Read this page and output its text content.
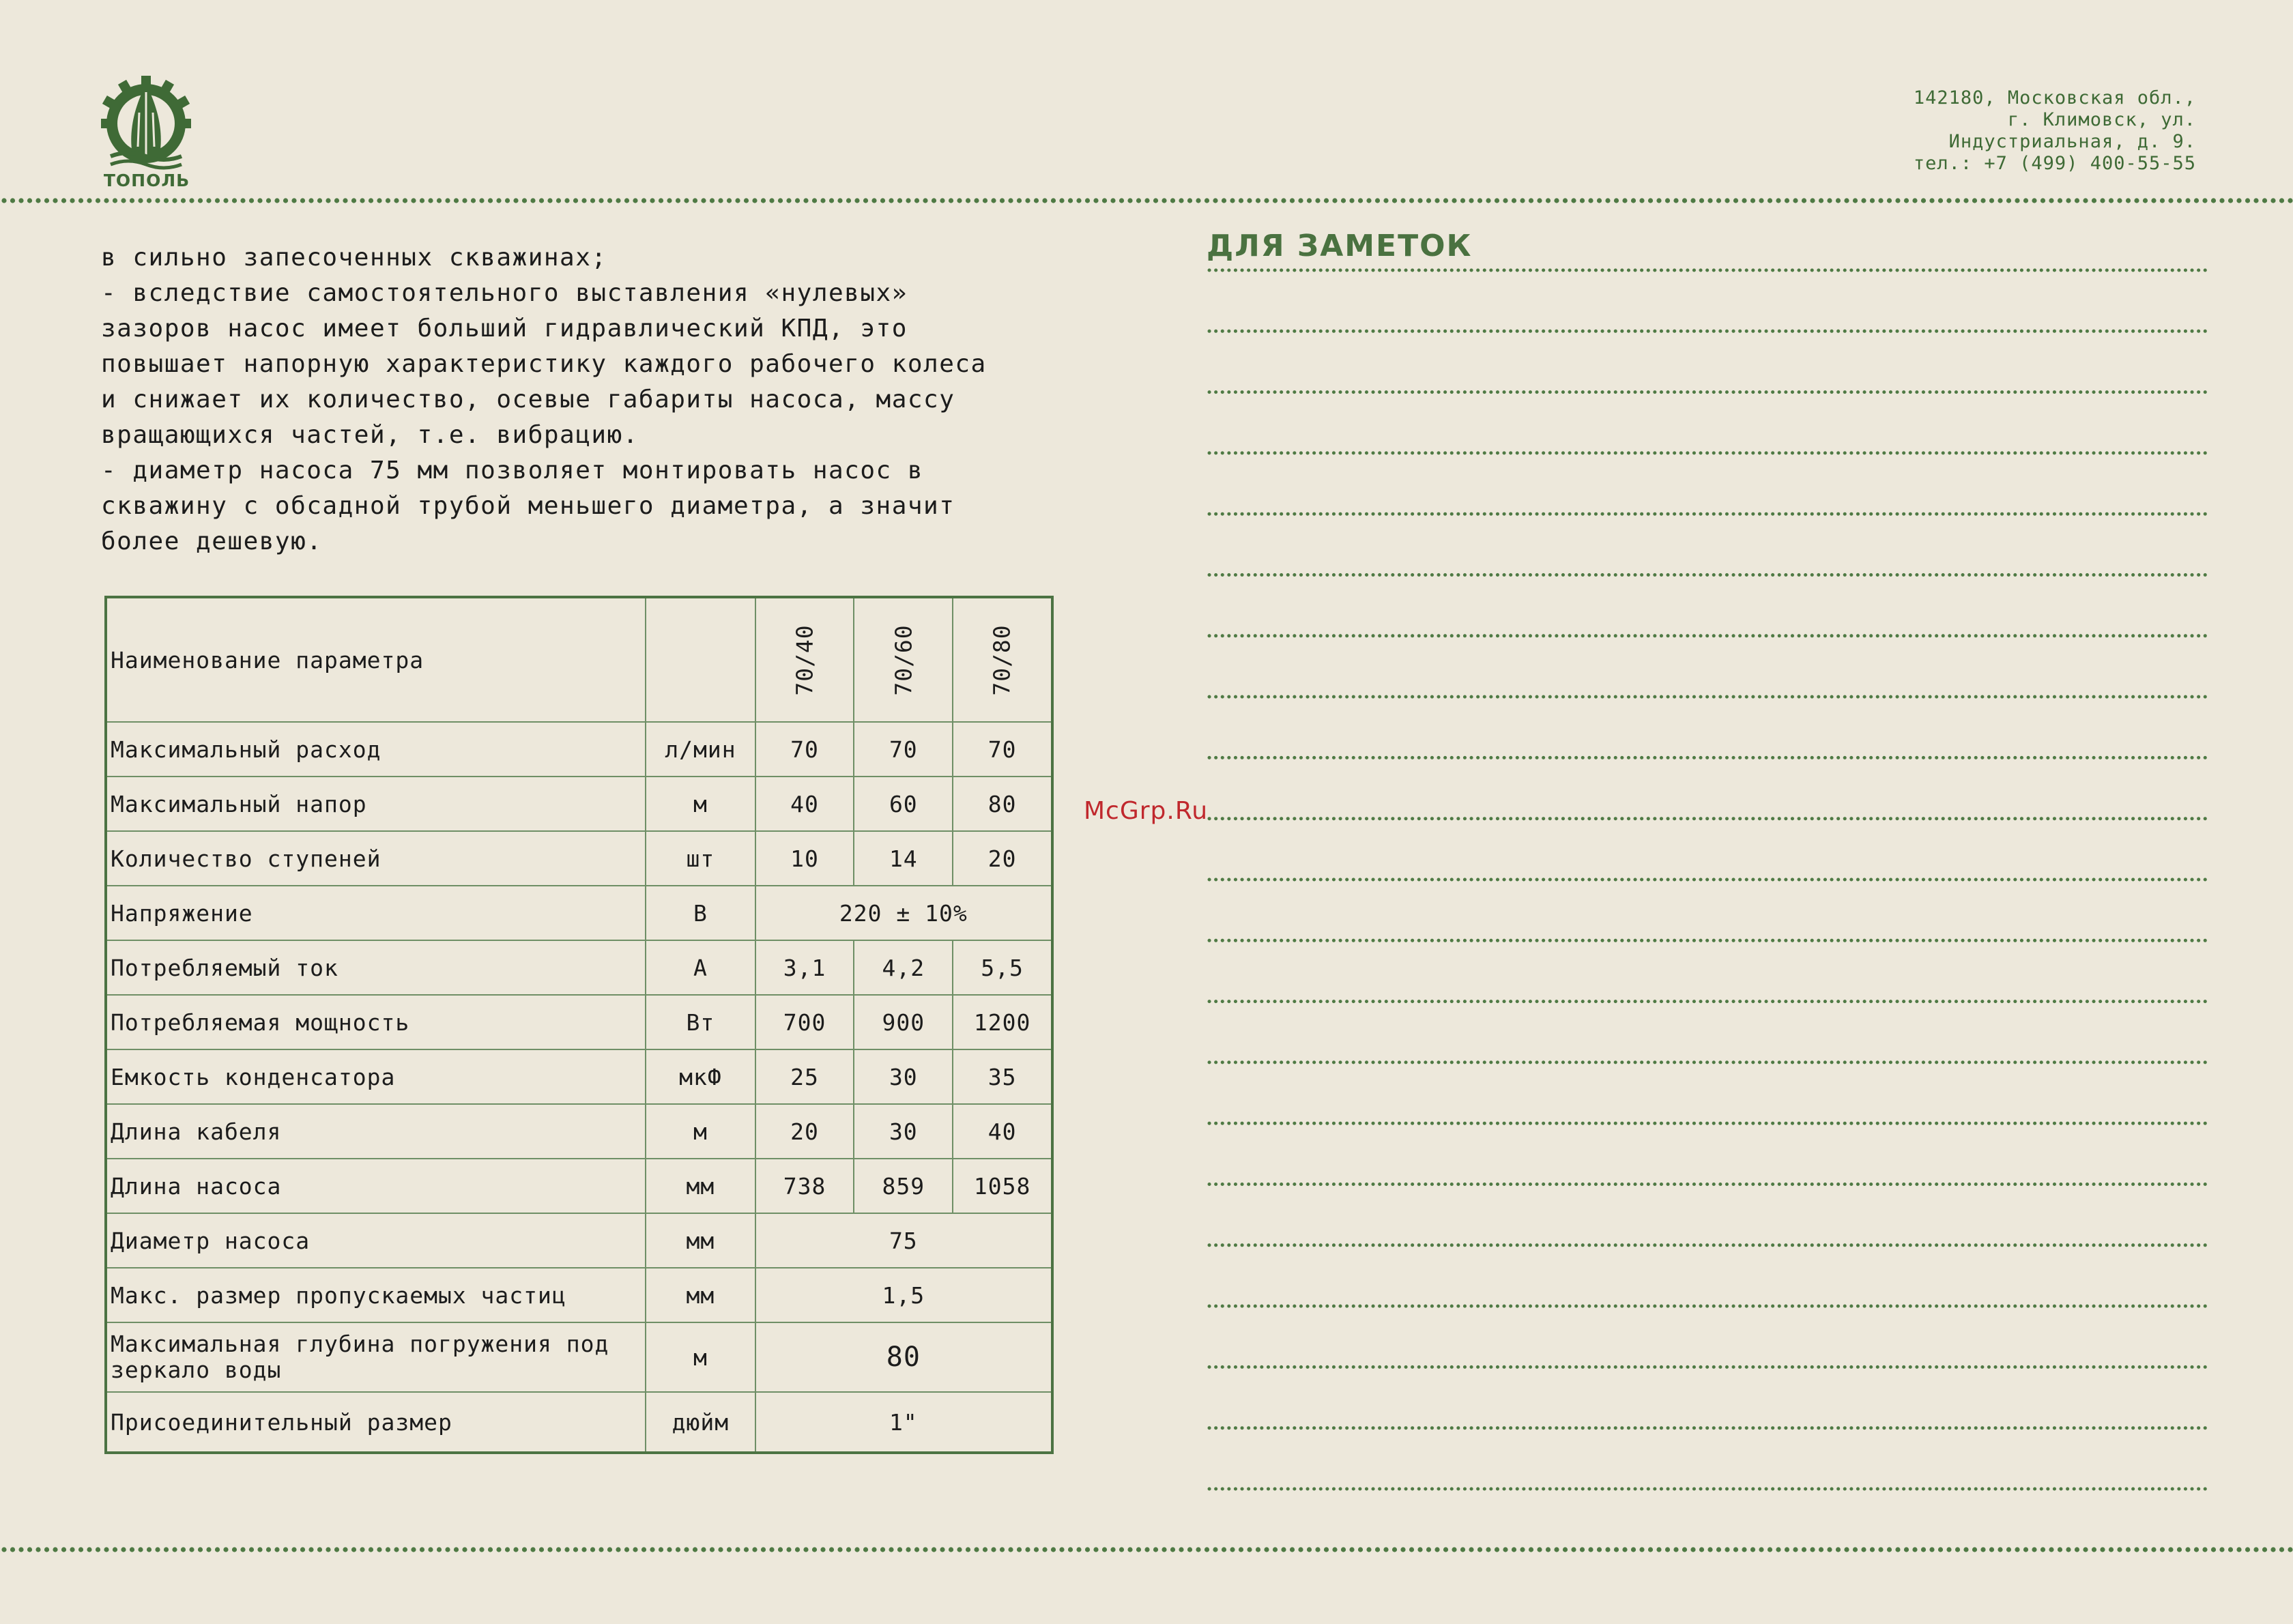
ТОПОЛЬ
142180, Московская обл.,
г. Климовск, ул.
Индустриальная, д. 9.
тел.: +7 (499) 400-55-55
в сильно запесоченных скважинах;
- вследствие самостоятельного выставления «нулевых»
зазоров насос имеет больший гидравлический КПД, это
повышает напорную характеристику каждого рабочего колеса
и снижает их количество, осевые габариты насоса, массу
вращающихся частей, т.е. вибрацию.
- диаметр насоса 75 мм позволяет монтировать насос в
скважину с обсадной трубой меньшего диаметра, а значит
более дешевую.
Наименование параметра		70/40	70/60	70/80
Максимальный расход	л/мин	70	70	70
Максимальный напор	м	40	60	80
Количество ступеней	шт	10	14	20
Напряжение	В	220 ± 10%		
Потребляемый ток	А	3,1	4,2	5,5
Потребляемая мощность	Вт	700	900	1200
Емкость конденсатора	мкФ	25	30	35
Длина кабеля	м	20	30	40
Длина насоса	мм	738	859	1058
Диаметр насоса	мм	75		
Макс. размер пропускаемых частиц	мм	1,5		
Максимальная глубина погружения под зеркало воды	м	80		
Присоединительный размер	дюйм	1"		
ДЛЯ ЗАМЕТОК
McGrp.Ru
